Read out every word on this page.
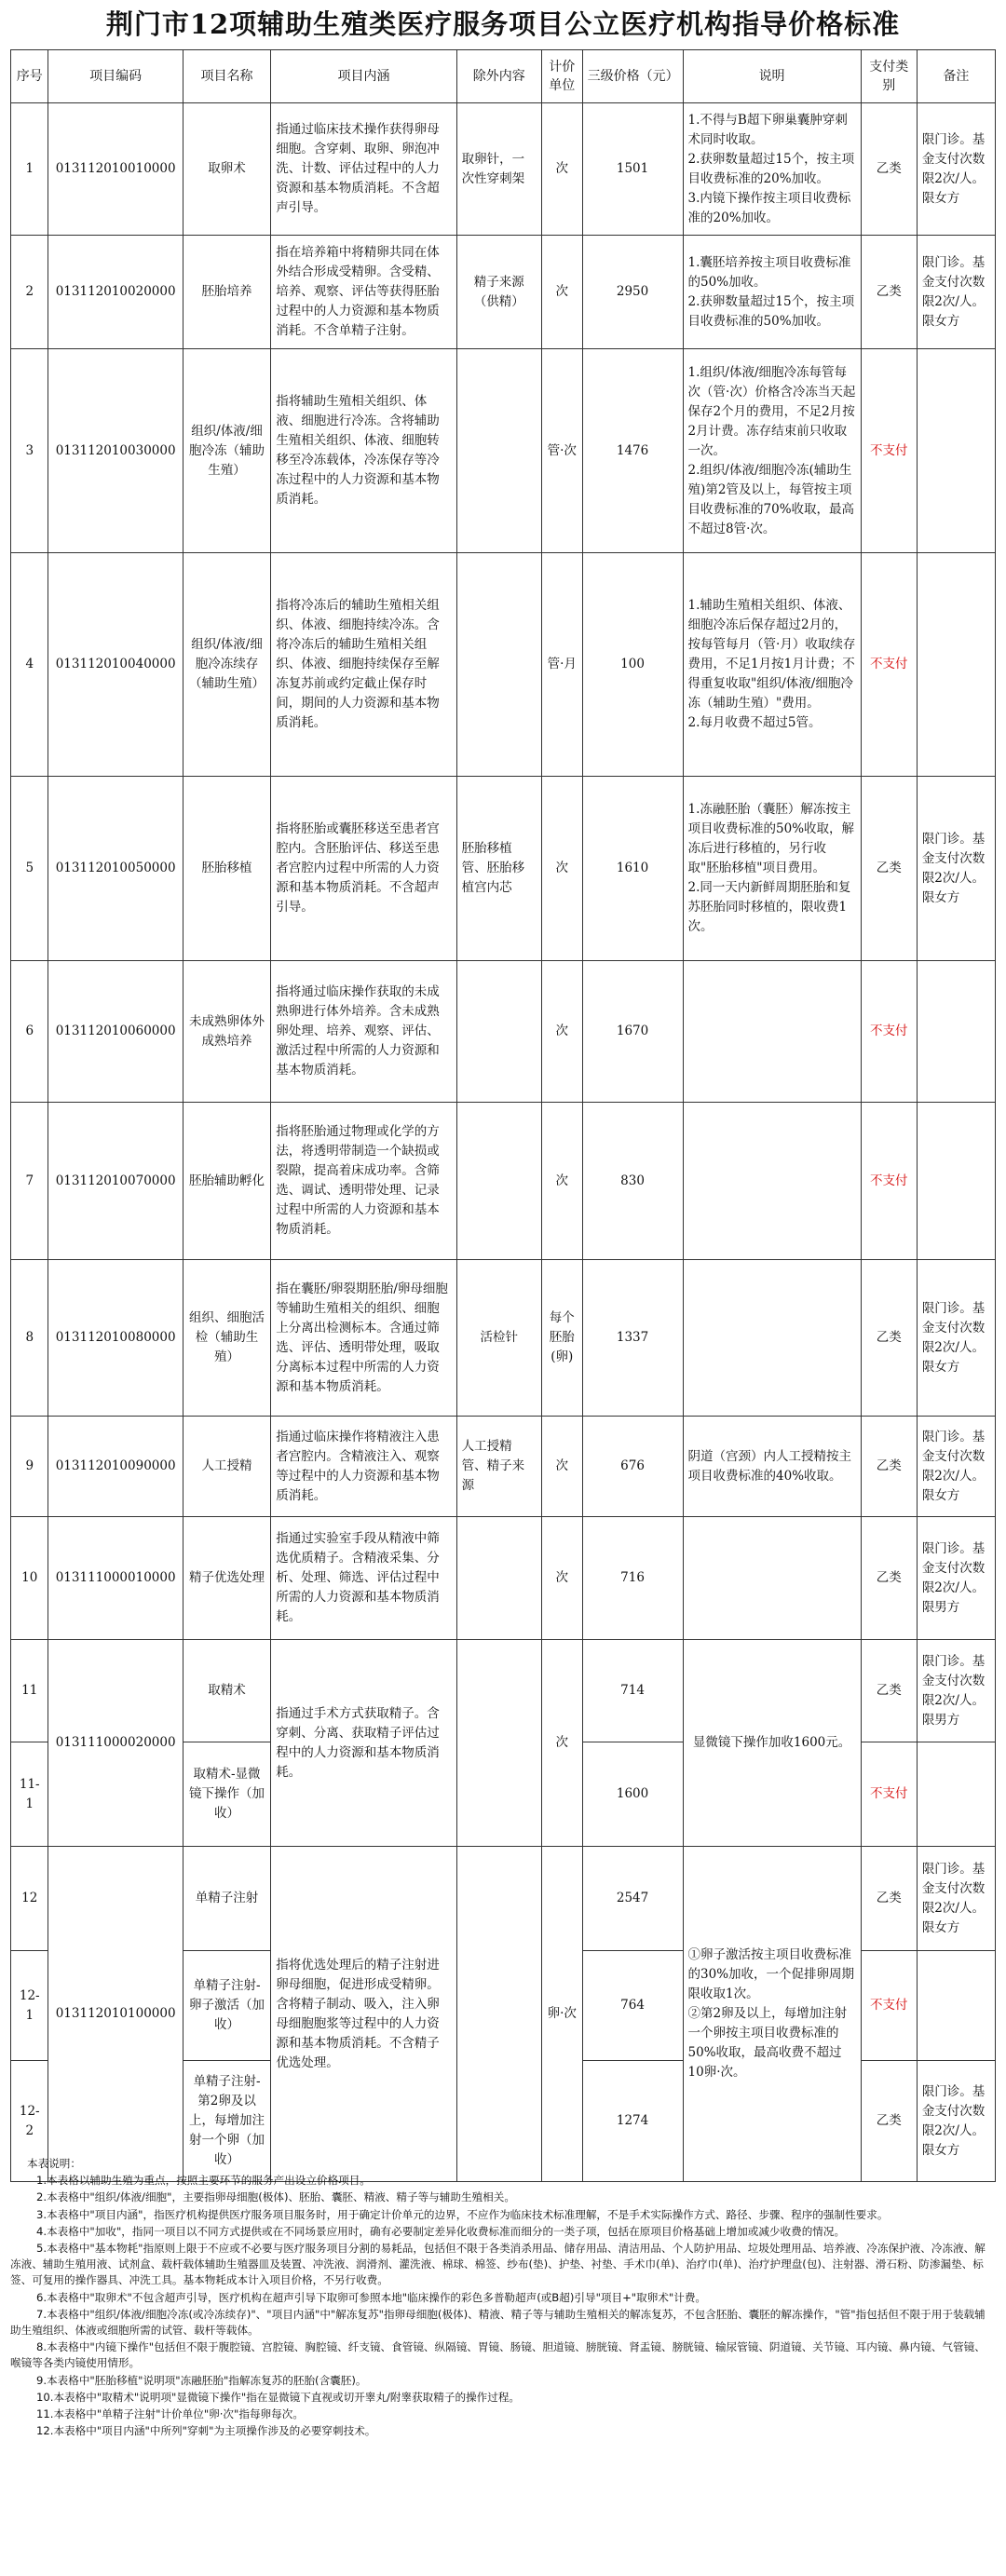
荆门市12项辅助生殖类医疗服务项目公立医疗机构指导价格标准
序号	项目编码	项目名称	项目内涵	除外内容	计价单位	三级价格（元）	说明	支付类别	备注
1	013112010010000	取卵术	指通过临床技术操作获得卵母细胞。含穿刺、取卵、卵泡冲洗、计数、评估过程中的人力资源和基本物质消耗。不含超声引导。	取卵针，一次性穿刺架	次	1501	1.不得与B超下卵巢囊肿穿刺术同时收取。
2.获卵数量超过15个，按主项目收费标准的20%加收。
3.内镜下操作按主项目收费标准的20%加收。	乙类	限门诊。基金支付次数限2次/人。限女方
2	013112010020000	胚胎培养	指在培养箱中将精卵共同在体外结合形成受精卵。含受精、培养、观察、评估等获得胚胎过程中的人力资源和基本物质消耗。不含单精子注射。	精子来源（供精）	次	2950	1.囊胚培养按主项目收费标准的50%加收。
2.获卵数量超过15个，按主项目收费标准的50%加收。	乙类	限门诊。基金支付次数限2次/人。限女方
3	013112010030000	组织/体液/细胞冷冻（辅助生殖）	指将辅助生殖相关组织、体液、细胞进行冷冻。含将辅助生殖相关组织、体液、细胞转移至冷冻载体，冷冻保存等冷冻过程中的人力资源和基本物质消耗。		管·次	1476	1.组织/体液/细胞冷冻每管每次（管·次）价格含冷冻当天起保存2个月的费用，不足2月按2月计费。冻存结束前只收取一次。
2.组织/体液/细胞冷冻(辅助生殖)第2管及以上，每管按主项目收费标准的70%收取，最高不超过8管·次。	不支付	
4	013112010040000	组织/体液/细胞冷冻续存（辅助生殖）	指将冷冻后的辅助生殖相关组织、体液、细胞持续冷冻。含将冷冻后的辅助生殖相关组织、体液、细胞持续保存至解冻复苏前或约定截止保存时间，期间的人力资源和基本物质消耗。		管·月	100	1.辅助生殖相关组织、体液、细胞冷冻后保存超过2月的，按每管每月（管·月）收取续存费用，不足1月按1月计费；不得重复收取"组织/体液/细胞冷冻（辅助生殖）"费用。
2.每月收费不超过5管。	不支付	
5	013112010050000	胚胎移植	指将胚胎或囊胚移送至患者宫腔内。含胚胎评估、移送至患者宫腔内过程中所需的人力资源和基本物质消耗。不含超声引导。	胚胎移植管、胚胎移植宫内芯	次	1610	1.冻融胚胎（囊胚）解冻按主项目收费标准的50%收取，解冻后进行移植的，另行收取"胚胎移植"项目费用。
2.同一天内新鲜周期胚胎和复苏胚胎同时移植的，限收费1次。	乙类	限门诊。基金支付次数限2次/人。限女方
6	013112010060000	未成熟卵体外成熟培养	指将通过临床操作获取的未成熟卵进行体外培养。含未成熟卵处理、培养、观察、评估、激活过程中所需的人力资源和基本物质消耗。		次	1670		不支付	
7	013112010070000	胚胎辅助孵化	指将胚胎通过物理或化学的方法，将透明带制造一个缺损或裂隙，提高着床成功率。含筛选、调试、透明带处理、记录过程中所需的人力资源和基本物质消耗。		次	830		不支付	
8	013112010080000	组织、细胞活检（辅助生殖）	指在囊胚/卵裂期胚胎/卵母细胞等辅助生殖相关的组织、细胞上分离出检测标本。含通过筛选、评估、透明带处理，吸取分离标本过程中所需的人力资源和基本物质消耗。	活检针	每个胚胎(卵)	1337		乙类	限门诊。基金支付次数限2次/人。限女方
9	013112010090000	人工授精	指通过临床操作将精液注入患者宫腔内。含精液注入、观察等过程中的人力资源和基本物质消耗。	人工授精管、精子来源	次	676	阴道（宫颈）内人工授精按主项目收费标准的40%收取。	乙类	限门诊。基金支付次数限2次/人。限女方
10	013111000010000	精子优选处理	指通过实验室手段从精液中筛选优质精子。含精液采集、分析、处理、筛选、评估过程中所需的人力资源和基本物质消耗。		次	716		乙类	限门诊。基金支付次数限2次/人。限男方
11	013111000020000	取精术	指通过手术方式获取精子。含穿刺、分离、获取精子评估过程中的人力资源和基本物质消耗。		次	714	显微镜下操作加收1600元。	乙类	限门诊。基金支付次数限2次/人。限男方
11-1		取精术-显微镜下操作（加收）				1600		不支付	
12	013112010100000	单精子注射	指将优选处理后的精子注射进卵母细胞，促进形成受精卵。含将精子制动、吸入，注入卵母细胞胞浆等过程中的人力资源和基本物质消耗。不含精子优选处理。		卵·次	2547	①卵子激活按主项目收费标准的30%加收，一个促排卵周期限收取1次。
②第2卵及以上，每增加注射一个卵按主项目收费标准的50%收取，最高收费不超过10卵·次。	乙类	限门诊。基金支付次数限2次/人。限女方
12-1		单精子注射-卵子激活（加收）				764		不支付	
12-2		单精子注射-第2卵及以上，每增加注射一个卵（加收）				1274		乙类	限门诊。基金支付次数限2次/人。限女方

本表说明：

1.本表格以辅助生殖为重点，按照主要环节的服务产出设立价格项目。

2.本表格中"组织/体液/细胞"，主要指卵母细胞(极体)、胚胎、囊胚、精液、精子等与辅助生殖相关。

3.本表格中"项目内涵"，指医疗机构提供医疗服务项目服务时，用于确定计价单元的边界，不应作为临床技术标准理解，不是手术实际操作方式、路径、步骤、程序的强制性要求。

4.本表格中"加收"，指同一项目以不同方式提供或在不同场景应用时，确有必要制定差异化收费标准而细分的一类子项，包括在原项目价格基础上增加或减少收费的情况。

5.本表格中"基本物耗"指原则上限于不应或不必要与医疗服务项目分割的易耗品，包括但不限于各类消杀用品、储存用品、清洁用品、个人防护用品、垃圾处理用品、培养液、冷冻保护液、冷冻液、解冻液、辅助生殖用液、试剂盒、载杆载体辅助生殖器皿及装置、冲洗液、润滑剂、灌洗液、棉球、棉签、纱布(垫)、护垫、衬垫、手术巾(单)、治疗巾(单)、治疗护理盘(包)、注射器、滑石粉、防渗漏垫、标签、可复用的操作器具、冲洗工具。基本物耗成本计入项目价格，不另行收费。

6.本表格中"取卵术"不包含超声引导，医疗机构在超声引导下取卵可参照本地"临床操作的彩色多普勒超声(或B超)引导"项目+"取卵术"计费。

7.本表格中"组织/体液/细胞冷冻(或冷冻续存)"、"项目内涵"中"解冻复苏"指卵母细胞(极体)、精液、精子等与辅助生殖相关的解冻复苏，不包含胚胎、囊胚的解冻操作，"管"指包括但不限于用于装载辅助生殖组织、体液或细胞所需的试管、载杆等载体。

8.本表格中"内镜下操作"包括但不限于腹腔镜、宫腔镜、胸腔镜、纤支镜、食管镜、纵隔镜、胃镜、肠镜、胆道镜、膀胱镜、肾盂镜、膀胱镜、输尿管镜、阴道镜、关节镜、耳内镜、鼻内镜、气管镜、喉镜等各类内镜使用情形。

9.本表格中"胚胎移植"说明项"冻融胚胎"指解冻复苏的胚胎(含囊胚)。

10.本表格中"取精术"说明项"显微镜下操作"指在显微镜下直视或切开睾丸/附睾获取精子的操作过程。

11.本表格中"单精子注射"计价单位"卵·次"指每卵每次。

12.本表格中"项目内涵"中所列"穿刺"为主项操作涉及的必要穿刺技术。
